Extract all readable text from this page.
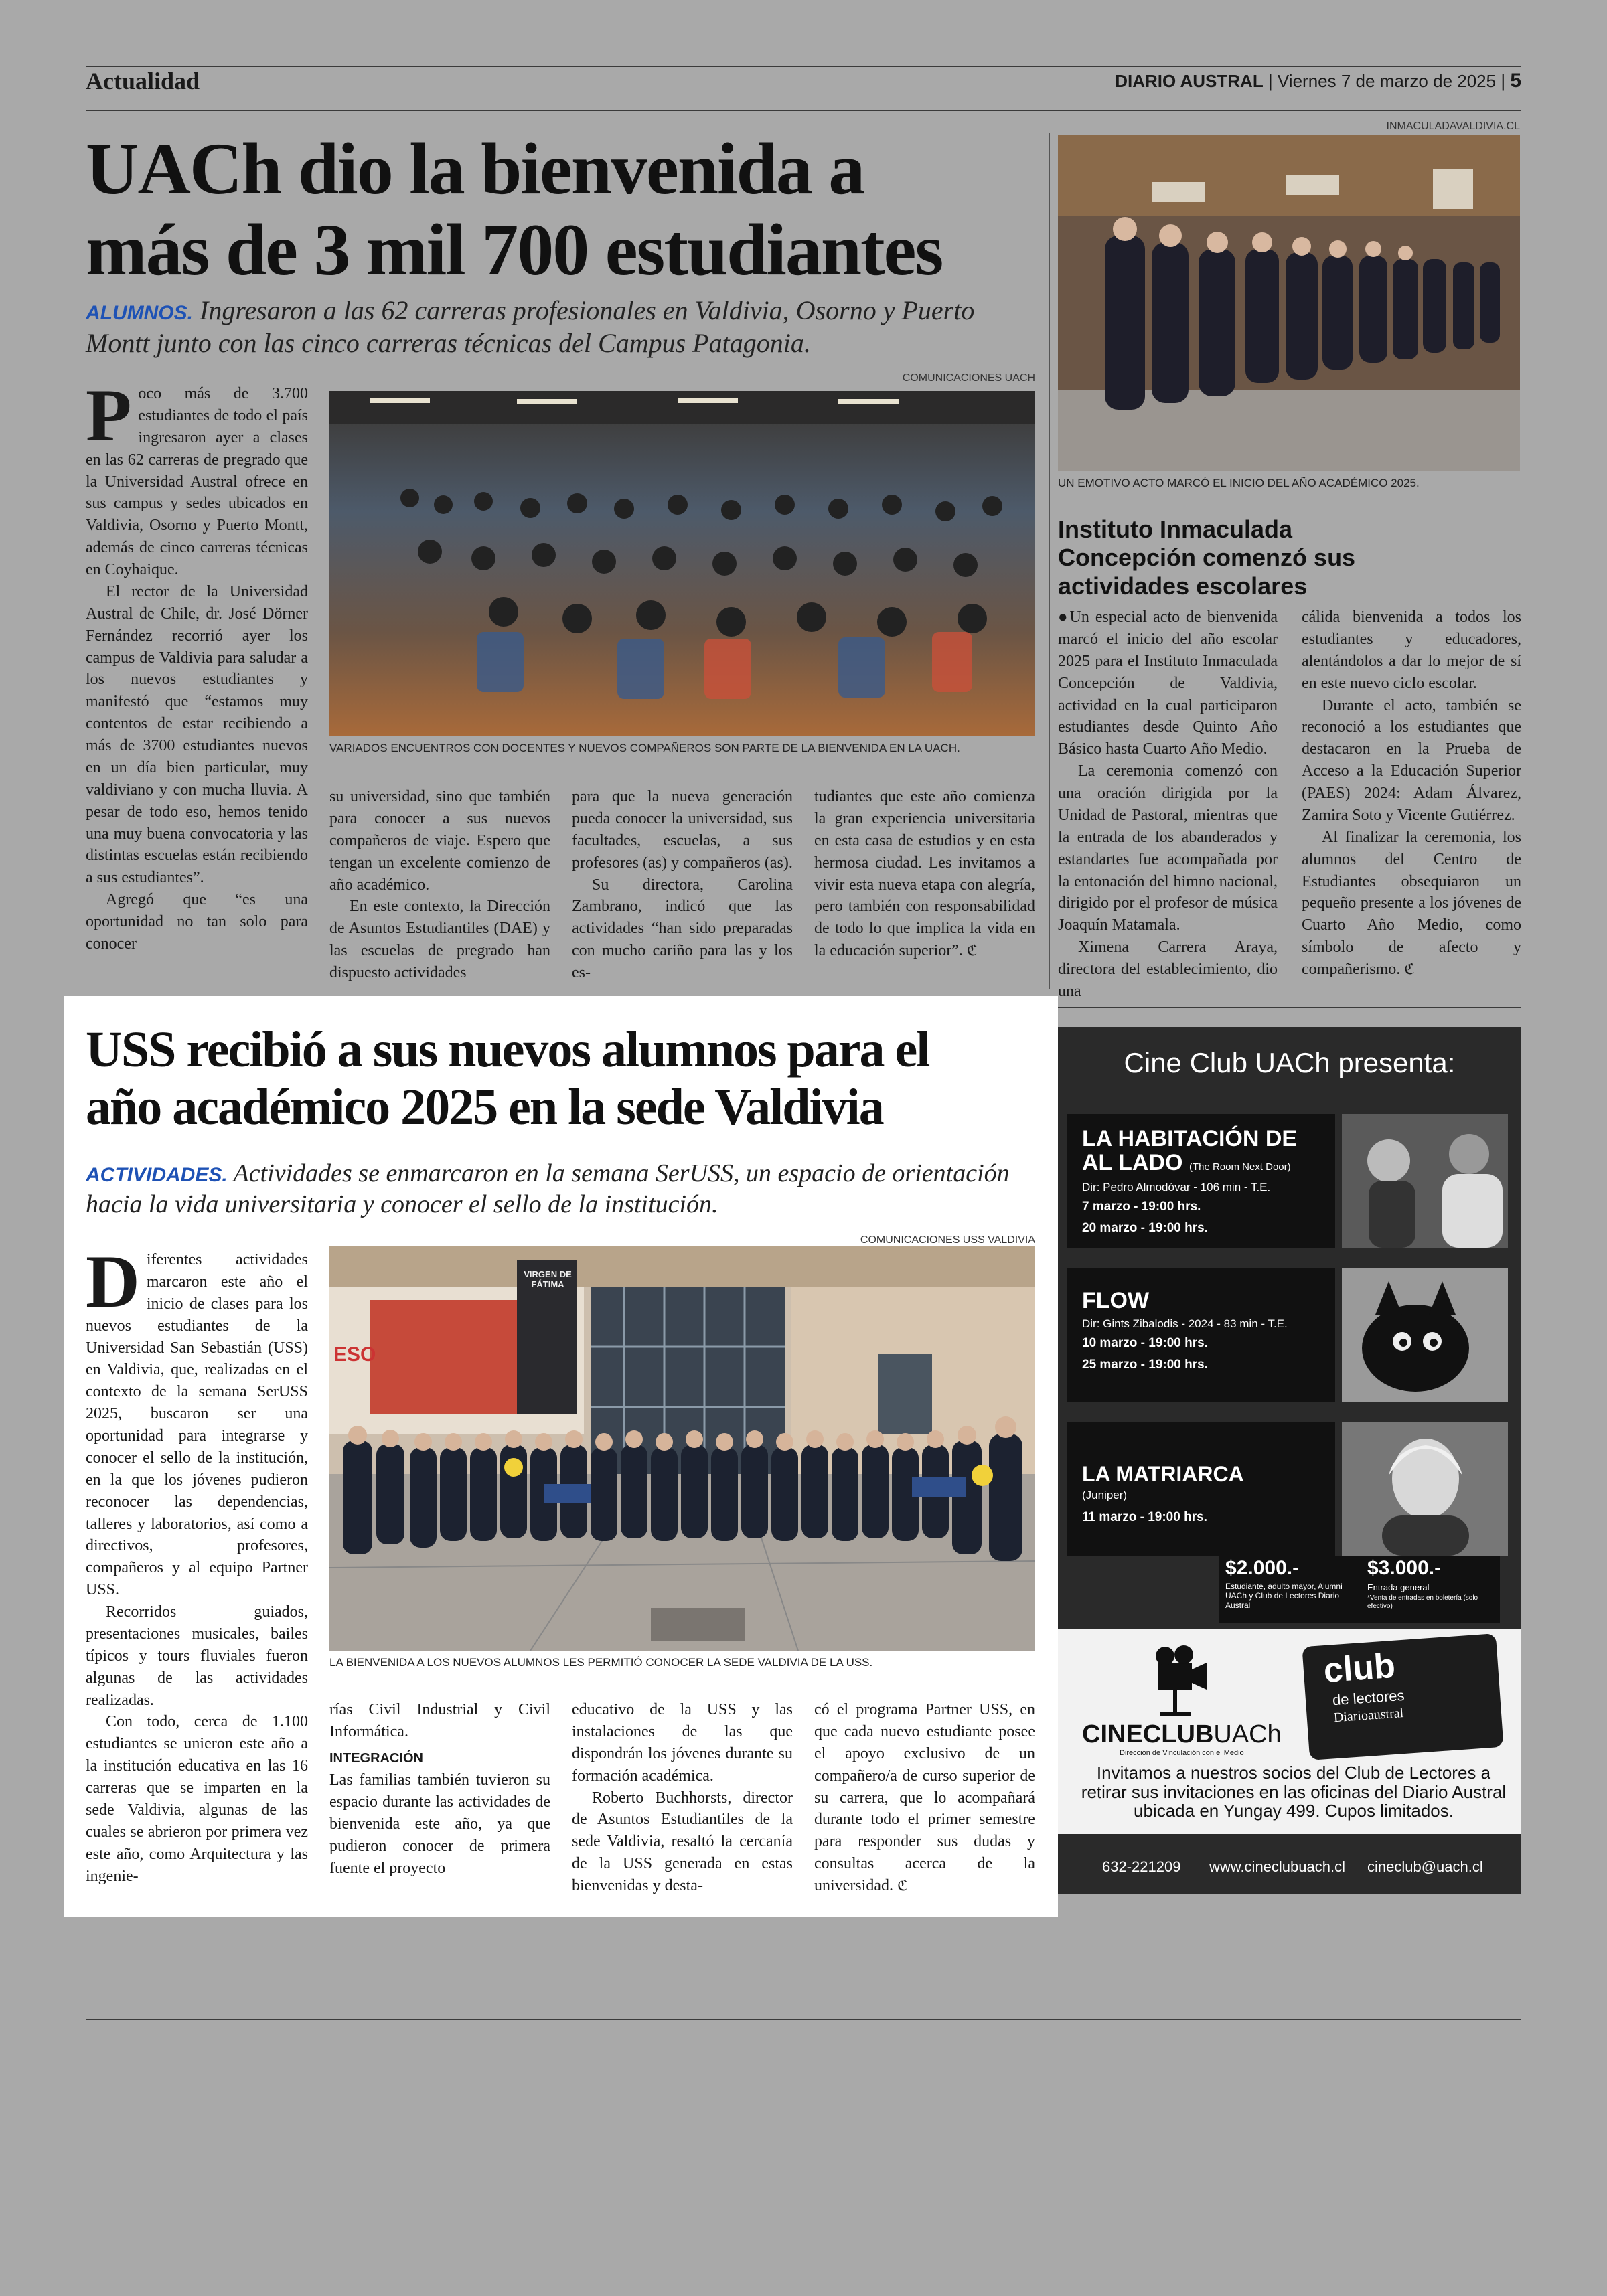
Actualidad	DIARIO AUSTRAL | Viernes 7 de marzo de 2025 | 5
UACh dio la bienvenida a
más de 3 mil 700 estudiantes
ALUMNOS. Ingresaron a las 62 carreras profesionales en Valdivia, Osorno y Puerto Montt junto con las cinco carreras técnicas del Campus Patagonia.
COMUNICACIONES UACH
VARIADOS ENCUENTROS CON DOCENTES Y NUEVOS COMPAÑEROS SON PARTE DE LA BIENVENIDA EN LA UACH.

Poco más de 3.700 estudiantes de todo el país ingresaron ayer a clases en las 62 carreras de pregrado que la Universidad Austral ofrece en sus campus y sedes ubicados en Valdivia, Osorno y Puerto Montt, además de cinco carreras técnicas en Coyhaique.

El rector de la Universidad Austral de Chile, dr. José Dörner Fernández recorrió ayer los campus de Valdivia para saludar a los nuevos estudiantes y manifestó que “estamos muy contentos de estar recibiendo a más de 3700 estudiantes nuevos en un día bien particular, muy valdiviano y con mucha lluvia. A pesar de todo eso, hemos tenido una muy buena convocatoria y las distintas escuelas están recibiendo a sus estudiantes”.

Agregó que “es una oportunidad no tan solo para conocer

su universidad, sino que también para conocer a sus nuevos compañeros de viaje. Espero que tengan un excelente comienzo de año académico.

En este contexto, la Dirección de Asuntos Estudiantiles (DAE) y las escuelas de pregrado han dispuesto actividades

para que la nueva generación pueda conocer la universidad, sus facultades, escuelas, a sus profesores (as) y compañeros (as).

Su directora, Carolina Zambrano, indicó que las actividades “han sido preparadas con mucho cariño para las y los es-

tudiantes que este año comienza la gran experiencia universitaria en esta casa de estudios y en esta hermosa ciudad. Les invitamos a vivir esta nueva etapa con alegría, pero también con responsabilidad de todo lo que implica la vida en la educación superior”. ℭ

INMACULADAVALDIVIA.CL
UN EMOTIVO ACTO MARCÓ EL INICIO DEL AÑO ACADÉMICO 2025.
Instituto Inmaculada Concepción comenzó sus actividades escolares

●Un especial acto de bienvenida marcó el inicio del año escolar 2025 para el Instituto Inmaculada Concepción de Valdivia, actividad en la cual participaron estudiantes desde Quinto Año Básico hasta Cuarto Año Medio.

La ceremonia comenzó con una oración dirigida por la Unidad de Pastoral, mientras que la entrada de los abanderados y estandartes fue acompañada por la entonación del himno nacional, dirigido por el profesor de música Joaquín Matamala.

Ximena Carrera Araya, directora del establecimiento, dio una

cálida bienvenida a todos los estudiantes y educadores, alentándolos a dar lo mejor de sí en este nuevo ciclo escolar.

Durante el acto, también se reconoció a los estudiantes que destacaron en la Prueba de Acceso a la Educación Superior (PAES) 2024: Adam Álvarez, Zamira Soto y Vicente Gutiérrez.

Al finalizar la ceremonia, los alumnos del Centro de Estudiantes obsequiaron un pequeño presente a los jóvenes de Cuarto Año Medio, como símbolo de afecto y compañerismo. ℭ

USS recibió a sus nuevos alumnos para el
año académico 2025 en la sede Valdivia
ACTIVIDADES. Actividades se enmarcaron en la semana SerUSS, un espacio de orientación hacia la vida universitaria y conocer el sello de la institución.
COMUNICACIONES USS VALDIVIA
ESO
VIRGEN DE FÁTIMA
LA BIENVENIDA A LOS NUEVOS ALUMNOS LES PERMITIÓ CONOCER LA SEDE VALDIVIA DE LA USS.

Diferentes actividades marcaron este año el inicio de clases para los nuevos estudiantes de la Universidad San Sebastián (USS) en Valdivia, que, realizadas en el contexto de la semana SerUSS 2025, buscaron ser una oportunidad para integrarse y conocer el sello de la institución, en la que los jóvenes pudieron reconocer las dependencias, talleres y laboratorios, así como a directivos, profesores, compañeros y al equipo Partner USS.

Recorridos guiados, presentaciones musicales, bailes típicos y tours fluviales fueron algunas de las actividades realizadas.

Con todo, cerca de 1.100 estudiantes se unieron este año a la institución educativa en las 16 carreras que se imparten en la sede Valdivia, algunas de las cuales se abrieron por primera vez este año, como Arquitectura y las ingenie-

rías Civil Industrial y Civil Informática.

INTEGRACIÓN

Las familias también tuvieron su espacio durante las actividades de bienvenida este año, ya que pudieron conocer de primera fuente el proyecto

educativo de la USS y las instalaciones de las que dispondrán los jóvenes durante su formación académica.

Roberto Buchhorsts, director de Asuntos Estudiantiles de la sede Valdivia, resaltó la cercanía de la USS generada en estas bienvenidas y desta-

có el programa Partner USS, en que cada nuevo estudiante posee el apoyo exclusivo de un compañero/a de curso superior de su carrera, que lo acompañará durante todo el primer semestre para responder sus dudas y consultas acerca de la universidad. ℭ

Cine Club UACh presenta:
LA HABITACIÓN DE
AL LADO (The Room Next Door)
Dir: Pedro Almodóvar - 106 min - T.E.
7 marzo - 19:00 hrs.
20 marzo - 19:00 hrs.
FLOW
Dir: Gints Zibalodis - 2024 - 83 min - T.E.
10 marzo - 19:00 hrs.
25 marzo - 19:00 hrs.
LA MATRIARCA
(Juniper)
11 marzo - 19:00 hrs.
$2.000.-
Estudiante, adulto mayor, Alumni UACh y Club de Lectores Diario Austral
$3.000.-
Entrada general
*Venta de entradas en boletería (solo efectivo)
CINECLUBUACh
Dirección de Vinculación con el Medio
club
de lectores
Diarioaustral
Invitamos a nuestros socios del Club de Lectores a retirar sus invitaciones en las oficinas del Diario Austral ubicada en Yungay 499. Cupos limitados.
632-221209 www.cineclubuach.cl cineclub@uach.cl
